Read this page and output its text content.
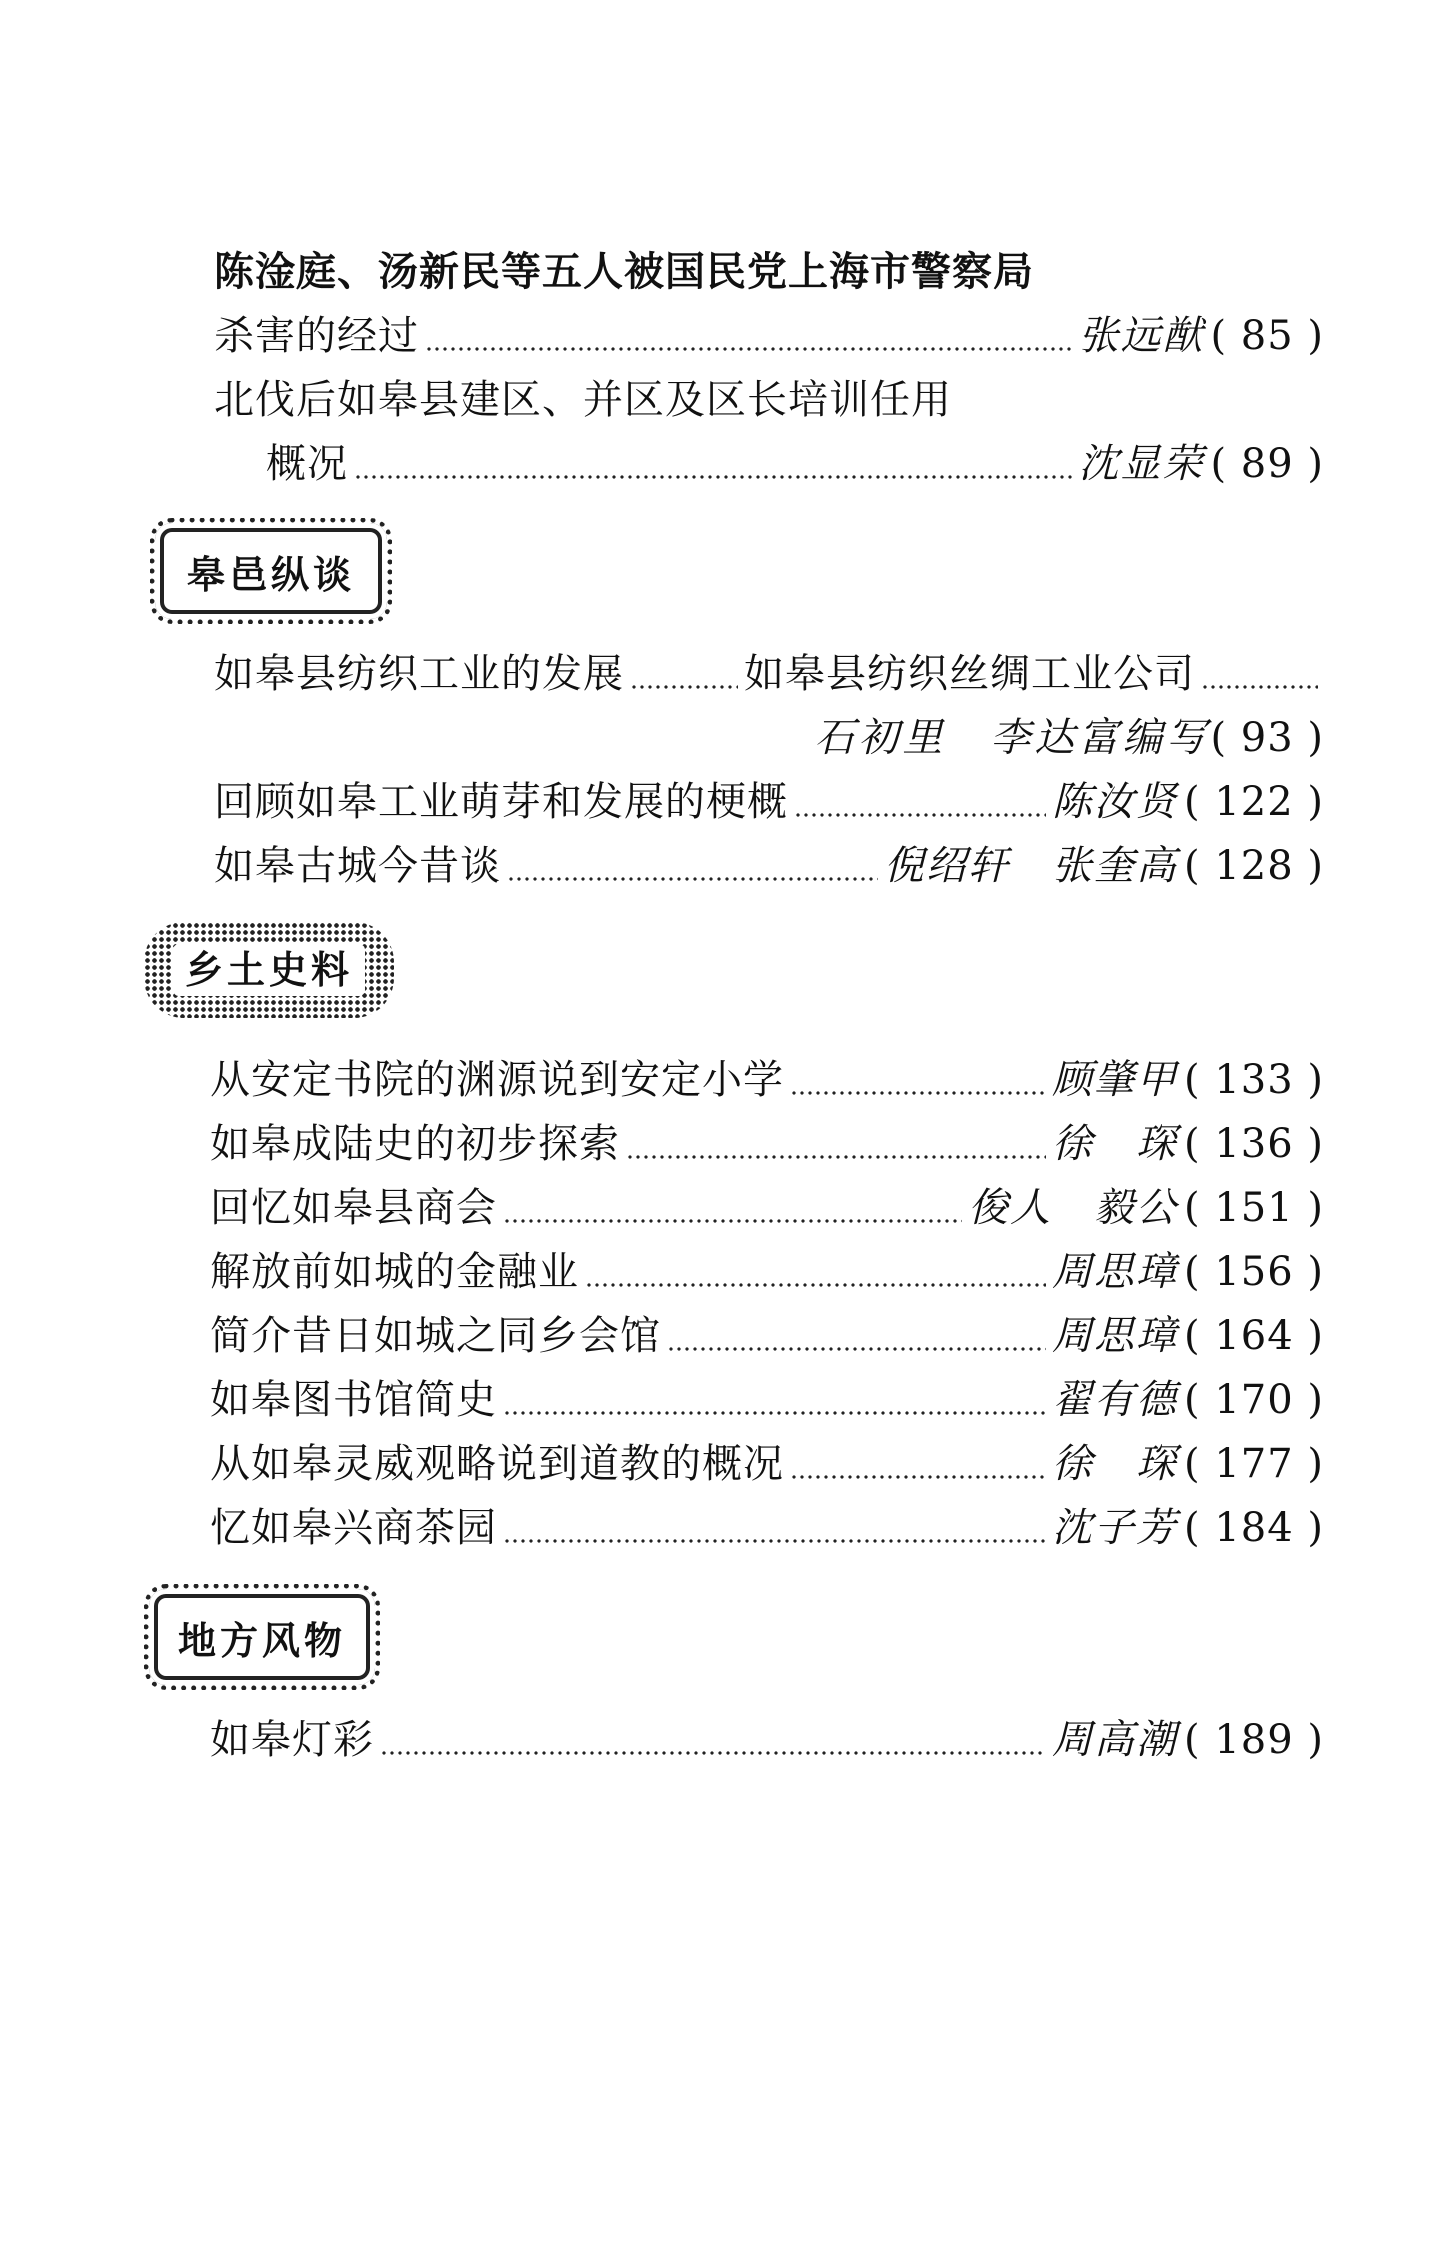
陈淦庭、汤新民等五人被国民党上海市警察局
杀害的经过	张远猷 ( 85 )
北伐后如皋县建区、并区及区长培训任用
概况	沈显荣 ( 89 )
皋邑纵谈
如皋县纺织工业的发展	如皋县纺织丝绸工业公司
石初里　李达富编写 ( 93 )
回顾如皋工业萌芽和发展的梗概	陈汝贤 ( 122 )
如皋古城今昔谈	倪绍轩　张奎高 ( 128 )
乡土史料
从安定书院的渊源说到安定小学	顾肇甲 ( 133 )
如皋成陆史的初步探索	徐　琛 ( 136 )
回忆如皋县商会	俊人　毅公 ( 151 )
解放前如城的金融业	周思璋 ( 156 )
简介昔日如城之同乡会馆	周思璋 ( 164 )
如皋图书馆简史	翟有德 ( 170 )
从如皋灵威观略说到道教的概况	徐　琛 ( 177 )
忆如皋兴商茶园	沈子芳 ( 184 )
地方风物
如皋灯彩	周高潮 ( 189 )
